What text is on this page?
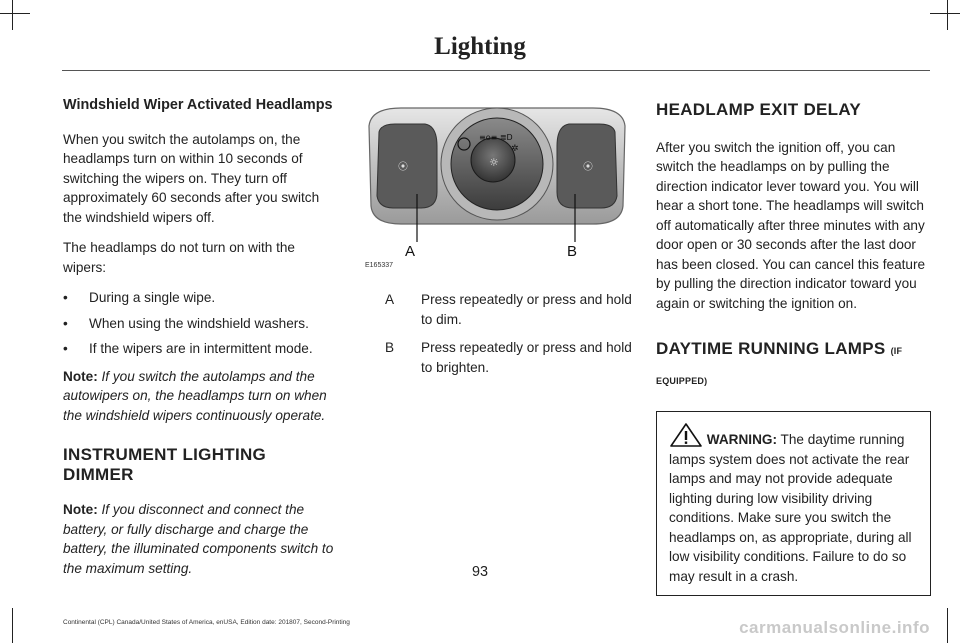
Lighting
Windshield Wiper Activated Headlamps

When you switch the autolamps on, the headlamps turn on within 10 seconds of switching the wipers on. They turn off approximately 60 seconds after you switch the windshield wipers off.

The headlamps do not turn on with the wipers:

• During a single wipe.
• When using the windshield washers.
• If the wipers are in intermittent mode.

Note: If you switch the autolamps and the autowipers on, the headlamps turn on when the windshield wipers continuously operate.

INSTRUMENT LIGHTING DIMMER

Note: If you disconnect and connect the battery, or fully discharge and charge the battery, the illuminated components switch to the maximum setting.

≡o≡ ≣D
☼
✲
⦿	⦿
A	B
E165337
A	Press repeatedly or press and hold to dim.
B	Press repeatedly or press and hold to brighten.
HEADLAMP EXIT DELAY

After you switch the ignition off, you can switch the headlamps on by pulling the direction indicator lever toward you. You will hear a short tone. The headlamps will switch off automatically after three minutes with any door open or 30 seconds after the last door has been closed. You can cancel this feature by pulling the direction indicator toward you again or switching the ignition on.

DAYTIME RUNNING LAMPS (IF EQUIPPED)
WARNING: The daytime running lamps system does not activate the rear lamps and may not provide adequate lighting during low visibility driving conditions. Make sure you switch the headlamps on, as appropriate, during all low visibility conditions. Failure to do so may result in a crash.
93
Continental (CPL) Canada/United States of America, enUSA, Edition date: 201807, Second-Printing	carmanualsonline.info
